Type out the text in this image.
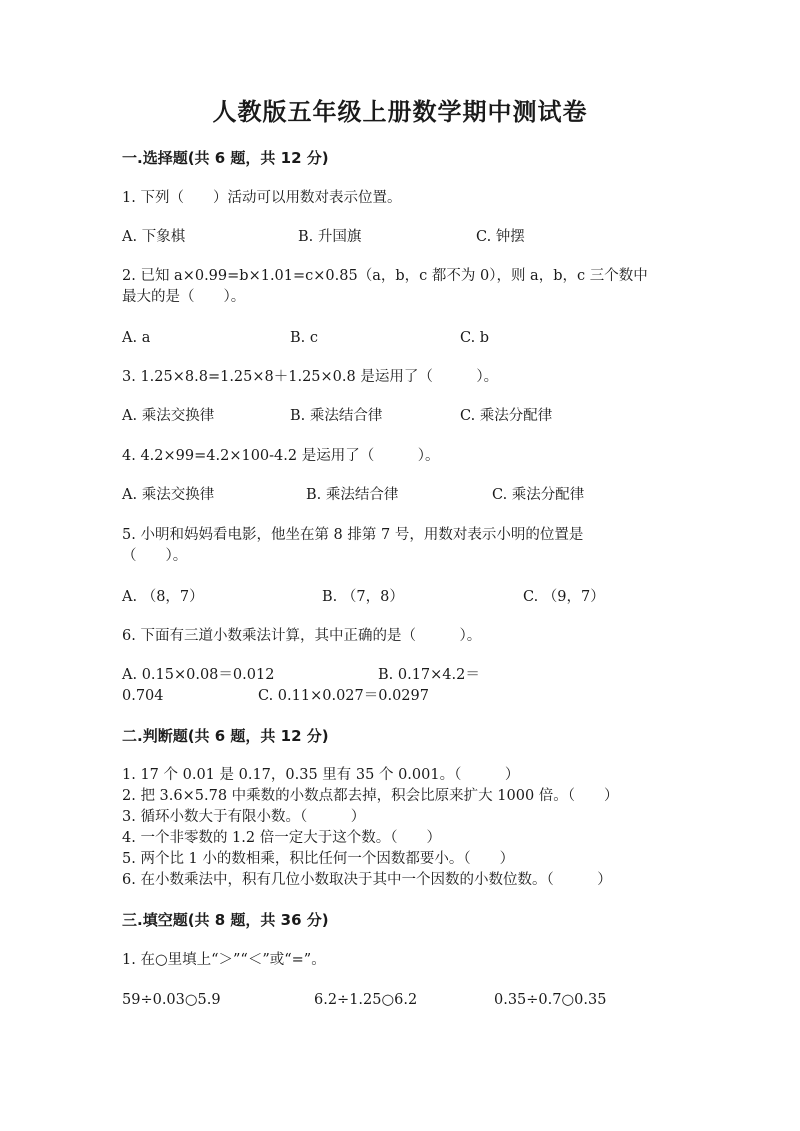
人教版五年级上册数学期中测试卷
一.选择题(共 6 题，共 12 分)
1. 下列（　　）活动可以用数对表示位置。
A. 下象棋	B. 升国旗	C. 钟摆
2. 已知 a×0.99=b×1.01=c×0.85（a，b，c 都不为 0），则 a，b，c 三个数中
最大的是（　　）。
A. a	B. c	C. b
3. 1.25×8.8=1.25×8＋1.25×0.8 是运用了（　　　）。
A. 乘法交换律	B. 乘法结合律	C. 乘法分配律
4. 4.2×99=4.2×100-4.2 是运用了（　　　）。
A. 乘法交换律	B. 乘法结合律	C. 乘法分配律
5. 小明和妈妈看电影，他坐在第 8 排第 7 号，用数对表示小明的位置是
（　　）。
A. （8，7）	B. （7，8）	C. （9，7）
6. 下面有三道小数乘法计算，其中正确的是（　　　）。
A. 0.15×0.08＝0.012	B. 0.17×4.2＝
0.704	C. 0.11×0.027＝0.0297
二.判断题(共 6 题，共 12 分)
1. 17 个 0.01 是 0.17，0.35 里有 35 个 0.001。（　　　）
2. 把 3.6×5.78 中乘数的小数点都去掉，积会比原来扩大 1000 倍。（　　）
3. 循环小数大于有限小数。（　　　）
4. 一个非零数的 1.2 倍一定大于这个数。（　　）
5. 两个比 1 小的数相乘，积比任何一个因数都要小。（　　）
6. 在小数乘法中，积有几位小数取决于其中一个因数的小数位数。（　　　）
三.填空题(共 8 题，共 36 分)
1. 在○里填上“＞”“＜”或“=”。
59÷0.03○5.9	6.2÷1.25○6.2	0.35÷0.7○0.35
